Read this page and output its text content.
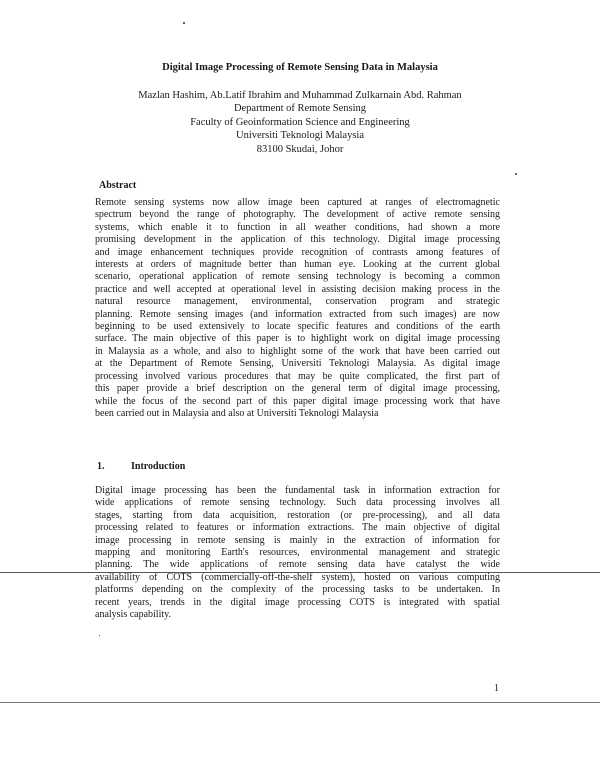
Digital Image Processing of Remote Sensing Data in Malaysia
Mazlan Hashim, Ab.Latif Ibrahim and Muhammad Zulkarnain Abd. Rahman
Department of Remote Sensing
Faculty of Geoinformation Science and Engineering
Universiti Teknologi Malaysia
83100 Skudai, Johor
Abstract
Remote sensing systems now allow image been captured at ranges of electromagnetic
spectrum beyond the range of photography. The development of active remote sensing
systems, which enable it to function in all weather conditions, had shown a more
promising development in the application of this technology. Digital image processing
and image enhancement techniques provide recognition of contrasts among features of
interests at orders of magnitude better than human eye. Looking at the current global
scenario, operational application of remote sensing technology is becoming a common
practice and well accepted at operational level in assisting decision making process in the
natural resource management, environmental, conservation program and strategic
planning. Remote sensing images (and information extracted from such images) are now
beginning to be used extensively to locate specific features and conditions of the earth
surface. The main objective of this paper is to highlight work on digital image processing
in Malaysia as a whole, and also to highlight some of the work that have been carried out
at the Department of Remote Sensing, Universiti Teknologi Malaysia. As digital image
processing involved various procedures that may be quite complicated, the first part of
this paper provide a brief description on the general term of digital image processing,
while the focus of the second part of this paper digital image processing work that have
been carried out in Malaysia and also at Universiti Teknologi Malaysia
1.	Introduction
Digital image processing has been the fundamental task in information extraction for
wide applications of remote sensing technology. Such data processing involves all
stages, starting from data acquisition, restoration (or pre-processing), and all data
processing related to features or information extractions. The main objective of digital
image processing in remote sensing is mainly in the extraction of information for
mapping and monitoring Earth's resources, environmental management and strategic
planning. The wide applications of remote sensing data have catalyst the wide
availability of COTS (commercially-off-the-shelf system), hosted on various computing
platforms depending on the complexity of the processing tasks to be undertaken. In
recent years, trends in the digital image processing COTS is integrated with spatial
analysis capability.
1
